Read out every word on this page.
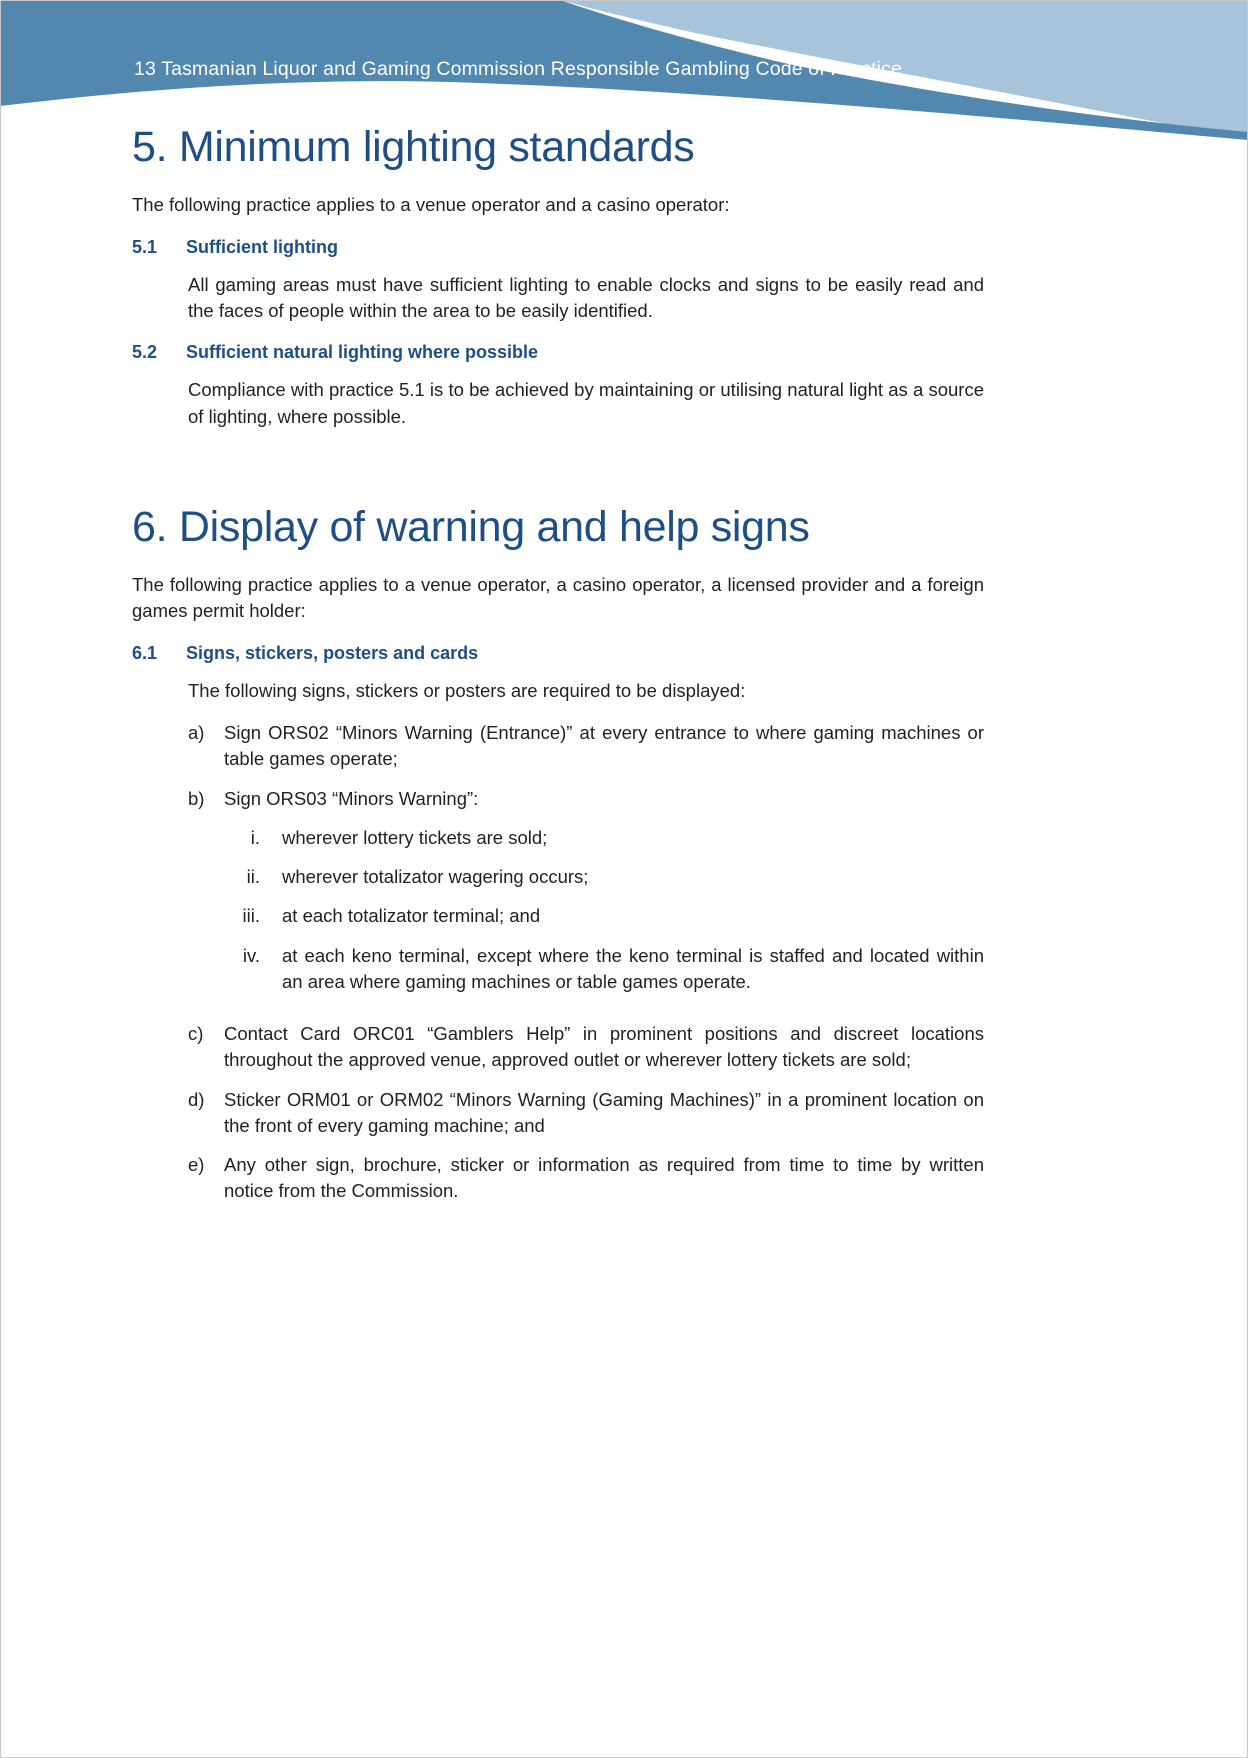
13 Tasmanian Liquor and Gaming Commission Responsible Gambling Code of Practice
5. Minimum lighting standards

The following practice applies to a venue operator and a casino operator:

5.1	Sufficient lighting

All gaming areas must have sufficient lighting to enable clocks and signs to be easily read and the faces of people within the area to be easily identified.

5.2	Sufficient natural lighting where possible

Compliance with practice 5.1 is to be achieved by maintaining or utilising natural light as a source of lighting, where possible.

6. Display of warning and help signs

The following practice applies to a venue operator, a casino operator, a licensed provider and a foreign games permit holder:

6.1	Signs, stickers, posters and cards

The following signs, stickers or posters are required to be displayed:

a)	Sign ORS02 “Minors Warning (Entrance)” at every entrance to where gaming machines or table games operate;
b)	Sign ORS03 “Minors Warning”:
i.	wherever lottery tickets are sold;
ii.	wherever totalizator wagering occurs;
iii.	at each totalizator terminal; and
iv.	at each keno terminal, except where the keno terminal is staffed and located within an area where gaming machines or table games operate.
c)	Contact Card ORC01 “Gamblers Help” in prominent positions and discreet locations throughout the approved venue, approved outlet or wherever lottery tickets are sold;
d)	Sticker ORM01 or ORM02 “Minors Warning (Gaming Machines)” in a prominent location on the front of every gaming machine; and
e)	Any other sign, brochure, sticker or information as required from time to time by written notice from the Commission.
